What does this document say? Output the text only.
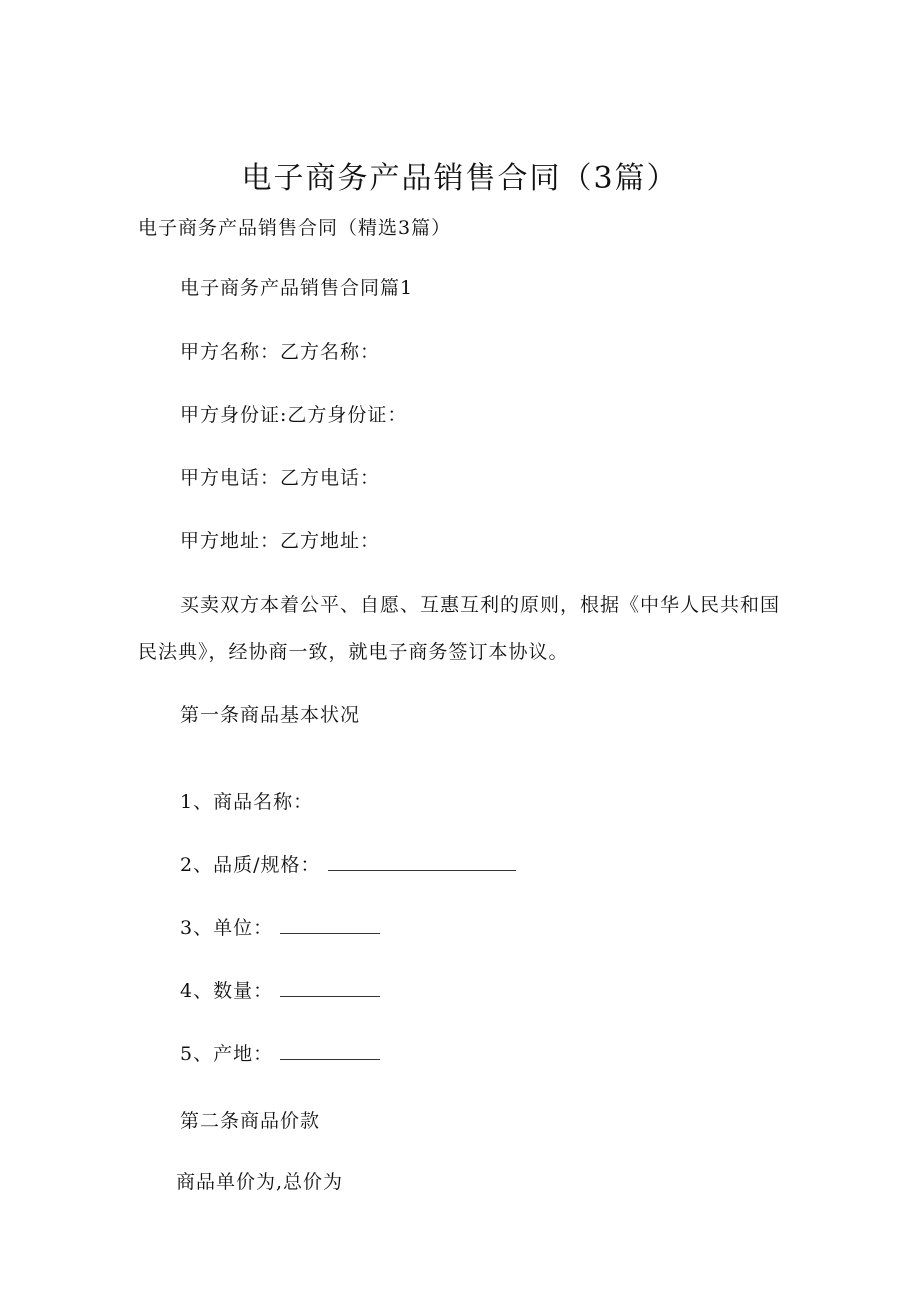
电子商务产品销售合同（3篇）
电子商务产品销售合同（精选3篇）
电子商务产品销售合同篇1
甲方名称：乙方名称：
甲方身份证:乙方身份证：
甲方电话：乙方电话：
甲方地址：乙方地址：
买卖双方本着公平、自愿、互惠互利的原则，根据《中华人民共和国
民法典》，经协商一致，就电子商务签订本协议。
第一条商品基本状况
1、商品名称：
2、品质/规格：
3、单位：
4、数量：
5、产地：
第二条商品价款
商品单价为,总价为
